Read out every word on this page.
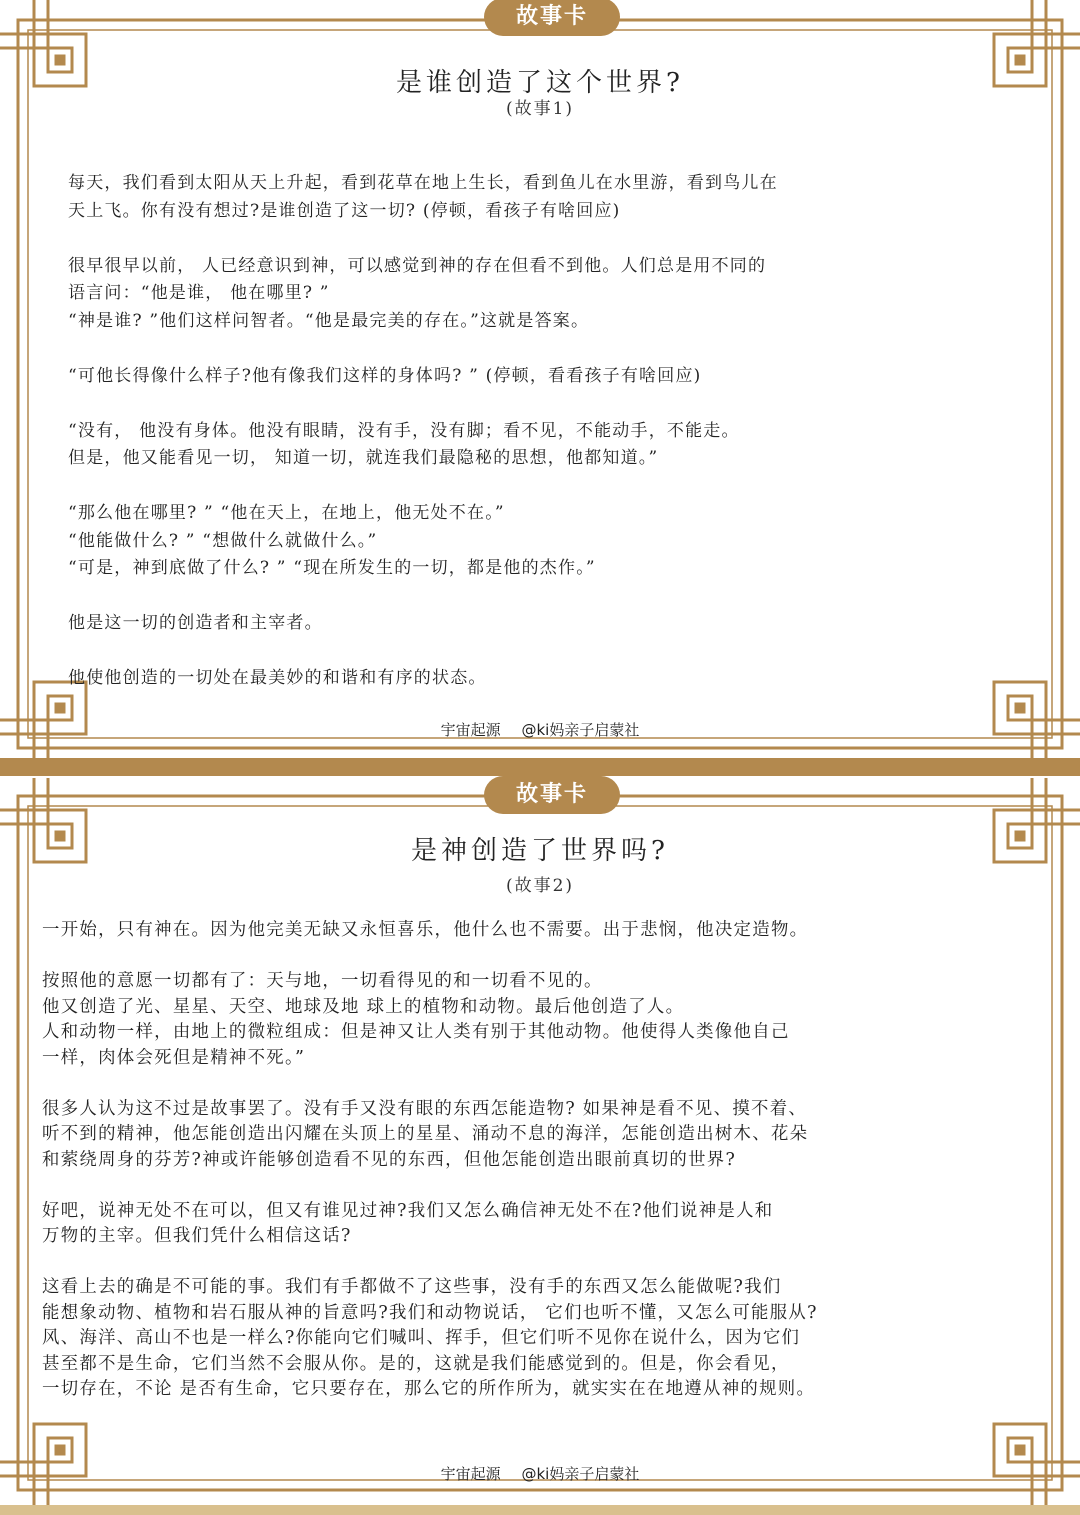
故事卡
是谁创造了这个世界?
(故事1)
每天，我们看到太阳从天上升起，看到花草在地上生长，看到鱼儿在水里游，看到鸟儿在
天上飞。你有没有想过?是谁创造了这一切? (停顿，看孩子有啥回应)
很早很早以前， 人已经意识到神，可以感觉到神的存在但看不到他。人们总是用不同的
语言问：“他是谁， 他在哪里? ”
“神是谁? ”他们这样问智者。“他是最完美的存在。”这就是答案。
“可他长得像什么样子?他有像我们这样的身体吗? ” (停顿，看看孩子有啥回应)
“没有， 他没有身体。他没有眼睛，没有手，没有脚；看不见，不能动手，不能走。
但是，他又能看见一切， 知道一切，就连我们最隐秘的思想，他都知道。”
“那么他在哪里? ” “他在天上，在地上，他无处不在。”
“他能做什么? ” “想做什么就做什么。”
“可是，神到底做了什么? ” “现在所发生的一切，都是他的杰作。”
他是这一切的创造者和主宰者。
他使他创造的一切处在最美妙的和谐和有序的状态。
宇宙起源 @ki妈亲子启蒙社
故事卡
是神创造了世界吗?
(故事2)
一开始，只有神在。因为他完美无缺又永恒喜乐，他什么也不需要。出于悲悯，他决定造物。
按照他的意愿一切都有了：天与地，一切看得见的和一切看不见的。
他又创造了光、星星、天空、地球及地 球上的植物和动物。最后他创造了人。
人和动物一样，由地上的微粒组成：但是神又让人类有别于其他动物。他使得人类像他自己
一样，肉体会死但是精神不死。”
很多人认为这不过是故事罢了。没有手又没有眼的东西怎能造物? 如果神是看不见、摸不着、
听不到的精神，他怎能创造出闪耀在头顶上的星星、涌动不息的海洋，怎能创造出树木、花朵
和萦绕周身的芬芳?神或许能够创造看不见的东西，但他怎能创造出眼前真切的世界?
好吧，说神无处不在可以，但又有谁见过神?我们又怎么确信神无处不在?他们说神是人和
万物的主宰。但我们凭什么相信这话?
这看上去的确是不可能的事。我们有手都做不了这些事，没有手的东西又怎么能做呢?我们
能想象动物、植物和岩石服从神的旨意吗?我们和动物说话， 它们也听不懂，又怎么可能服从?
风、海洋、高山不也是一样么?你能向它们喊叫、挥手，但它们听不见你在说什么，因为它们
甚至都不是生命，它们当然不会服从你。是的，这就是我们能感觉到的。但是，你会看见，
一切存在，不论 是否有生命，它只要存在，那么它的所作所为，就实实在在地遵从神的规则。
宇宙起源 @ki妈亲子启蒙社
